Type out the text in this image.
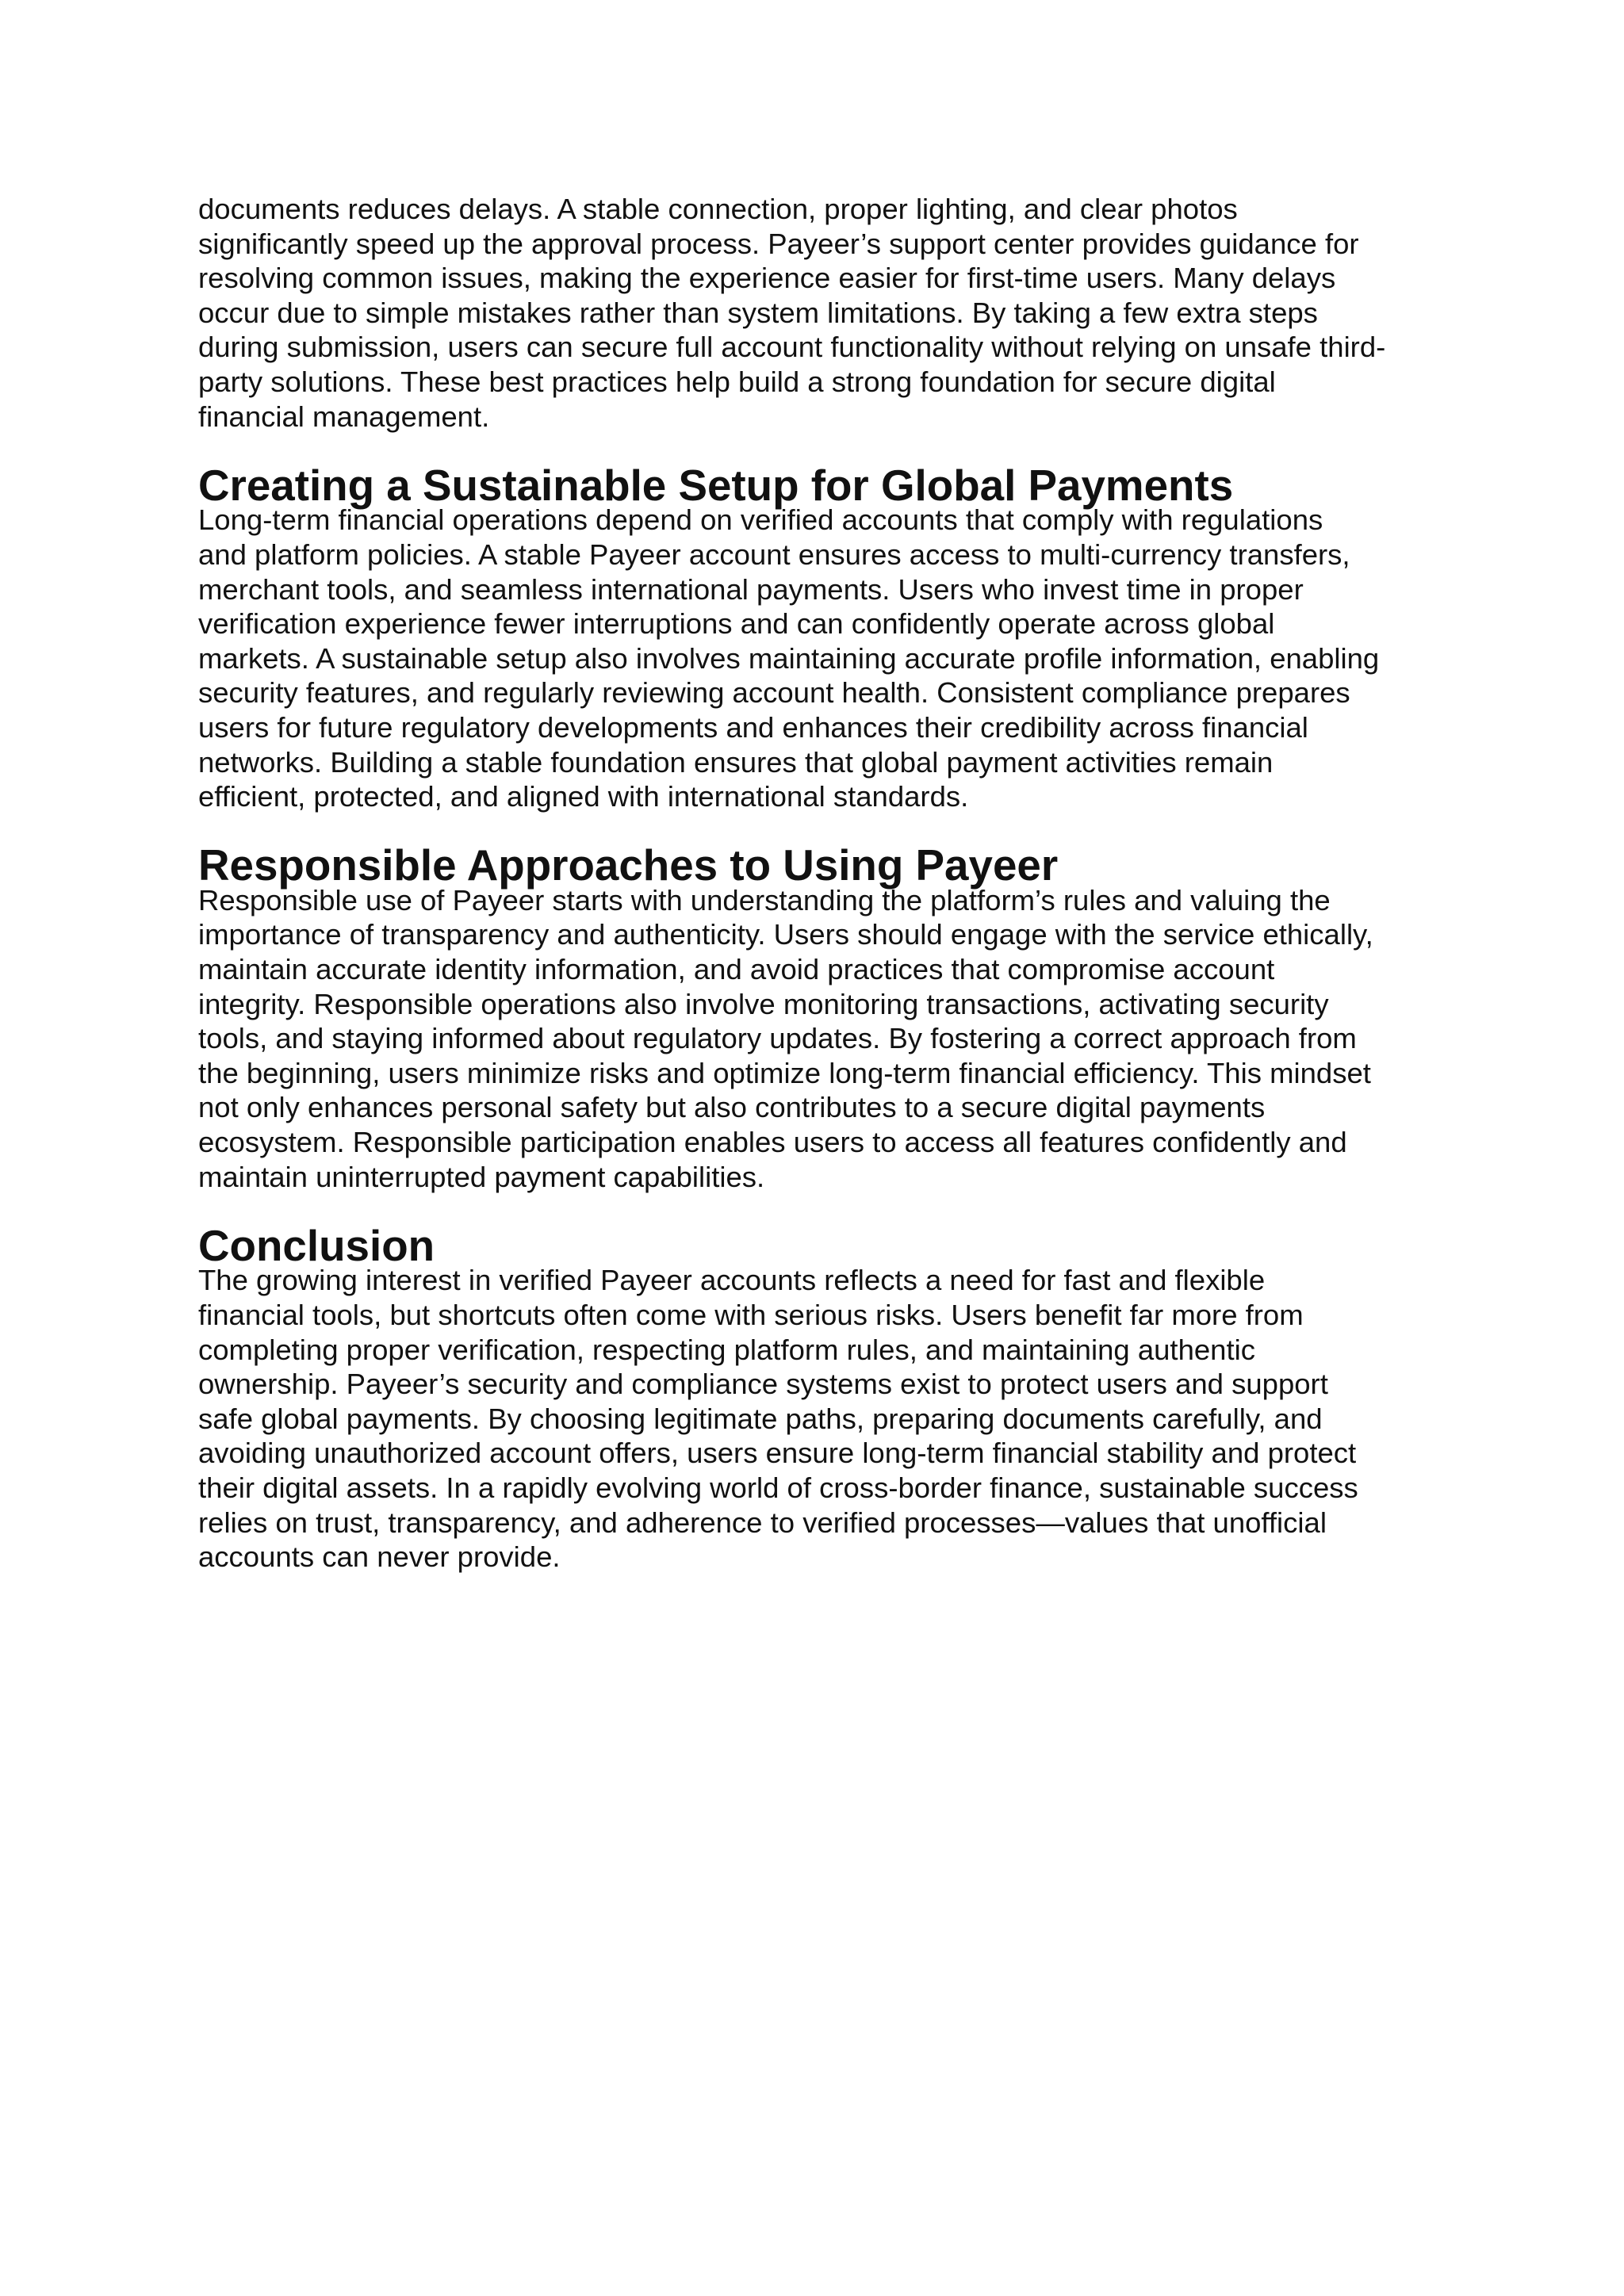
documents reduces delays. A stable connection, proper lighting, and clear photos
significantly speed up the approval process. Payeer’s support center provides guidance for
resolving common issues, making the experience easier for first-time users. Many delays
occur due to simple mistakes rather than system limitations. By taking a few extra steps
during submission, users can secure full account functionality without relying on unsafe third-
party solutions. These best practices help build a strong foundation for secure digital
financial management.

Creating a Sustainable Setup for Global Payments

Long-term financial operations depend on verified accounts that comply with regulations
and platform policies. A stable Payeer account ensures access to multi-currency transfers,
merchant tools, and seamless international payments. Users who invest time in proper
verification experience fewer interruptions and can confidently operate across global
markets. A sustainable setup also involves maintaining accurate profile information, enabling
security features, and regularly reviewing account health. Consistent compliance prepares
users for future regulatory developments and enhances their credibility across financial
networks. Building a stable foundation ensures that global payment activities remain
efficient, protected, and aligned with international standards.

Responsible Approaches to Using Payeer

Responsible use of Payeer starts with understanding the platform’s rules and valuing the
importance of transparency and authenticity. Users should engage with the service ethically,
maintain accurate identity information, and avoid practices that compromise account
integrity. Responsible operations also involve monitoring transactions, activating security
tools, and staying informed about regulatory updates. By fostering a correct approach from
the beginning, users minimize risks and optimize long-term financial efficiency. This mindset
not only enhances personal safety but also contributes to a secure digital payments
ecosystem. Responsible participation enables users to access all features confidently and
maintain uninterrupted payment capabilities.

Conclusion

The growing interest in verified Payeer accounts reflects a need for fast and flexible
financial tools, but shortcuts often come with serious risks. Users benefit far more from
completing proper verification, respecting platform rules, and maintaining authentic
ownership. Payeer’s security and compliance systems exist to protect users and support
safe global payments. By choosing legitimate paths, preparing documents carefully, and
avoiding unauthorized account offers, users ensure long-term financial stability and protect
their digital assets. In a rapidly evolving world of cross-border finance, sustainable success
relies on trust, transparency, and adherence to verified processes—values that unofficial
accounts can never provide.
